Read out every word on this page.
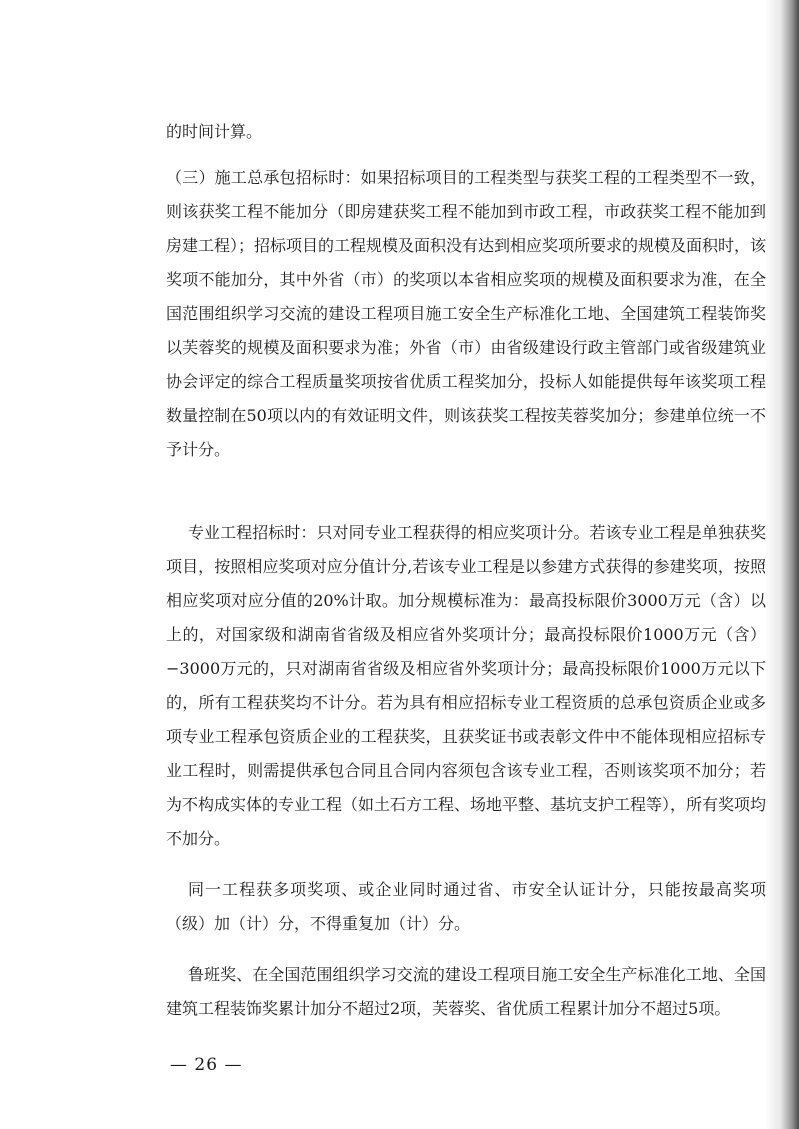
的时间计算。

（三）施工总承包招标时：如果招标项目的工程类型与获奖工程的工程类型不一致，则该获奖工程不能加分（即房建获奖工程不能加到市政工程，市政获奖工程不能加到房建工程）；招标项目的工程规模及面积没有达到相应奖项所要求的规模及面积时，该奖项不能加分，其中外省（市）的奖项以本省相应奖项的规模及面积要求为准，在全国范围组织学习交流的建设工程项目施工安全生产标准化工地、全国建筑工程装饰奖以芙蓉奖的规模及面积要求为准；外省（市）由省级建设行政主管部门或省级建筑业协会评定的综合工程质量奖项按省优质工程奖加分，投标人如能提供每年该奖项工程数量控制在50项以内的有效证明文件，则该获奖工程按芙蓉奖加分；参建单位统一不予计分。

专业工程招标时：只对同专业工程获得的相应奖项计分。若该专业工程是单独获奖项目，按照相应奖项对应分值计分,若该专业工程是以参建方式获得的参建奖项，按照相应奖项对应分值的20%计取。加分规模标准为：最高投标限价3000万元（含）以上的，对国家级和湖南省省级及相应省外奖项计分；最高投标限价1000万元（含）−3000万元的，只对湖南省省级及相应省外奖项计分；最高投标限价1000万元以下的，所有工程获奖均不计分。若为具有相应招标专业工程资质的总承包资质企业或多项专业工程承包资质企业的工程获奖，且获奖证书或表彰文件中不能体现相应招标专业工程时，则需提供承包合同且合同内容须包含该专业工程，否则该奖项不加分；若为不构成实体的专业工程（如土石方工程、场地平整、基坑支护工程等），所有奖项均不加分。

同一工程获多项奖项、或企业同时通过省、市安全认证计分，只能按最高奖项（级）加（计）分，不得重复加（计）分。

鲁班奖、在全国范围组织学习交流的建设工程项目施工安全生产标准化工地、全国建筑工程装饰奖累计加分不超过2项，芙蓉奖、省优质工程累计加分不超过5项。

— 26 —
